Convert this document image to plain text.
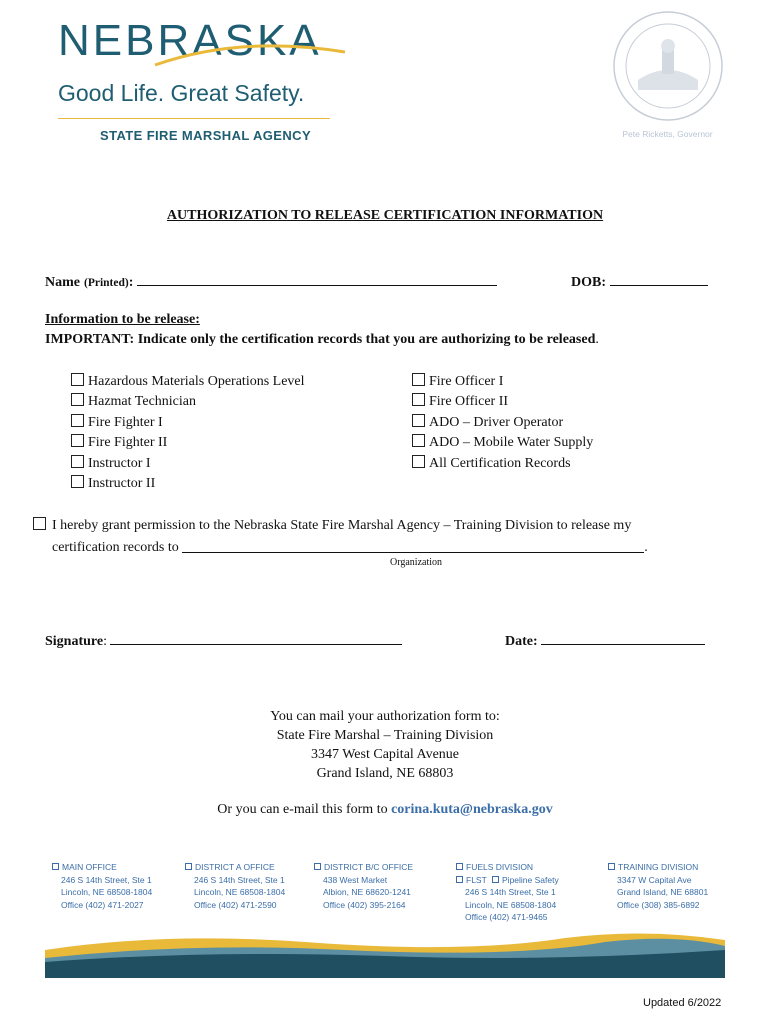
NEBRASKA
Good Life. Great Safety.
STATE FIRE MARSHAL AGENCY	Pete Ricketts, Governor
AUTHORIZATION TO RELEASE CERTIFICATION INFORMATION
Name (Printed):	DOB:
Information to be release:
IMPORTANT: Indicate only the certification records that you are authorizing to be released.
Hazardous Materials Operations Level
Hazmat Technician
Fire Fighter I
Fire Fighter II
Instructor I
Instructor II
Fire Officer I
Fire Officer II
ADO – Driver Operator
ADO – Mobile Water Supply
All Certification Records
I hereby grant permission to the Nebraska State Fire Marshal Agency – Training Division to release my
certification records to	.
Organization
Signature:	Date:
You can mail your authorization form to:
State Fire Marshal – Training Division
3347 West Capital Avenue
Grand Island, NE 68803
Or you can e-mail this form to corina.kuta@nebraska.gov
MAIN OFFICE
246 S 14th Street, Ste 1
Lincoln, NE 68508-1804
Office (402) 471-2027
DISTRICT A OFFICE
246 S 14th Street, Ste 1
Lincoln, NE 68508-1804
Office (402) 471-2590
DISTRICT B/C OFFICE
438 West Market
Albion, NE 68620-1241
Office (402) 395-2164
FUELS DIVISION
FLST Pipeline Safety
246 S 14th Street, Ste 1
Lincoln, NE 68508-1804
Office (402) 471-9465
TRAINING DIVISION
3347 W Capital Ave
Grand Island, NE 68801
Office (308) 385-6892
Updated 6/2022
